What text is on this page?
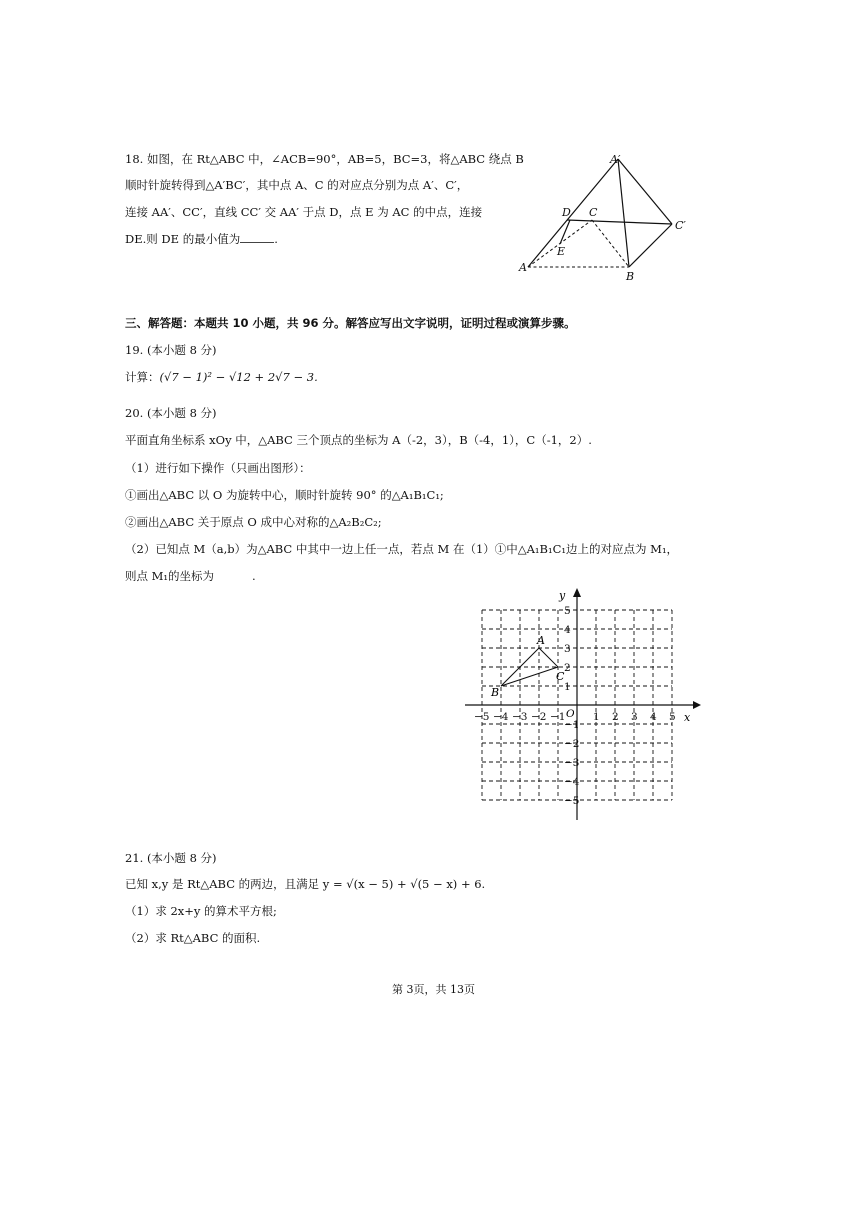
18. 如图，在 Rt△ABC 中，∠ACB=90°，AB=5，BC=3，将△ABC 绕点 B
顺时针旋转得到△A′BC′，其中点 A、C 的对应点分别为点 A′、C′，
连接 AA′、CC′，直线 CC′ 交 AA′ 于点 D，点 E 为 AC 的中点，连接
DE.则 DE 的最小值为	.
A′
D C
C′
E
A
B
三、解答题：本题共 10 小题，共 96 分。解答应写出文字说明，证明过程或演算步骤。
19. (本小题 8 分)
计算：(√7 − 1)² − √12 + 2√7 − 3.
20. (本小题 8 分)
平面直角坐标系 xOy 中，△ABC 三个顶点的坐标为 A（-2，3），B（-4，1），C（-1，2）.
（1）进行如下操作（只画出图形）：
①画出△ABC 以 O 为旋转中心，顺时针旋转 90° 的△A₁B₁C₁;
②画出△ABC 关于原点 O 成中心对称的△A₂B₂C₂;
（2）已知点 M（a,b）为△ABC 中其中一边上任一点，若点 M 在（1）①中△A₁B₁C₁边上的对应点为 M₁，
则点 M₁的坐标为	.
−5 −4 −3 −2 −1	1 2 3 4 5
5
4
3
2
1
−1
−2
−3
−4
−5
x
y
O
A
B
C
21. (本小题 8 分)
已知 x,y 是 Rt△ABC 的两边，且满足 y = √(x − 5) + √(5 − x) + 6.
（1）求 2x+y 的算术平方根;
（2）求 Rt△ABC 的面积.
第 3页，共 13页
